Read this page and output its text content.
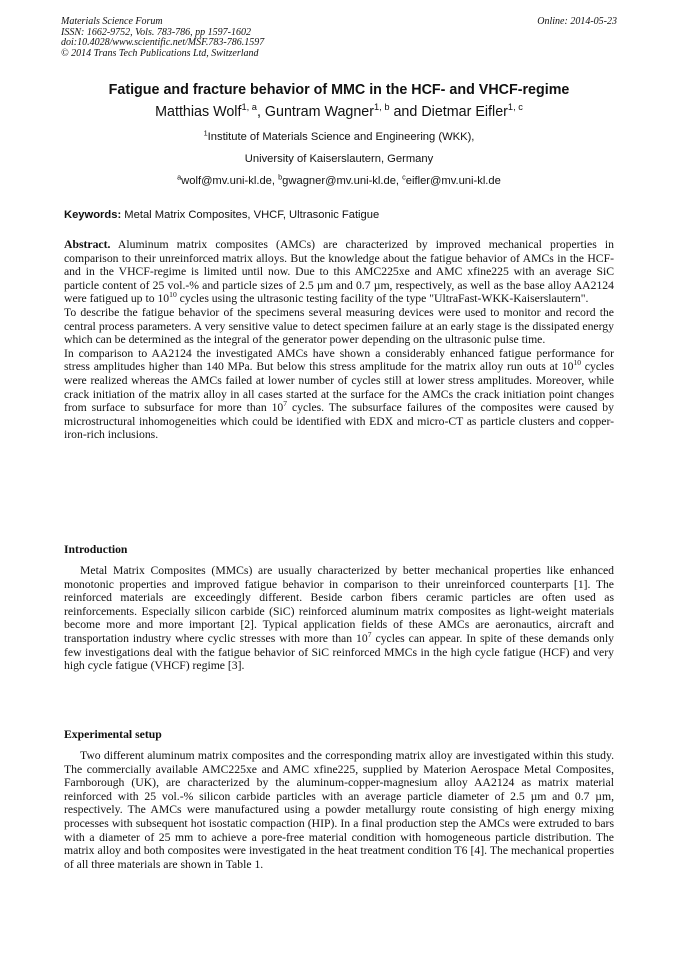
Materials Science Forum
ISSN: 1662-9752, Vols. 783-786, pp 1597-1602
doi:10.4028/www.scientific.net/MSF.783-786.1597
© 2014 Trans Tech Publications Ltd, Switzerland
Online: 2014-05-23
Fatigue and fracture behavior of MMC in the HCF- and VHCF-regime
Matthias Wolf$^{1, a}$, Guntram Wagner$^{1, b}$ and Dietmar Eifler$^{1, c}$
$^1$Institute of Materials Science and Engineering (WKK),
University of Kaiserslautern, Germany
$^a$wolf@mv.uni-kl.de, $^b$gwagner@mv.uni-kl.de, $^c$eifler@mv.uni-kl.de
Keywords: Metal Matrix Composites, VHCF, Ultrasonic Fatigue

Abstract. Aluminum matrix composites (AMCs) are characterized by improved mechanical properties in comparison to their unreinforced matrix alloys. But the knowledge about the fatigue behavior of AMCs in the HCF- and in the VHCF-regime is limited until now. Due to this AMC225xe and AMC xfine225 with an average SiC particle content of 25 vol.-% and particle sizes of 2.5 µm and 0.7 µm, respectively, as well as the base alloy AA2124 were fatigued up to $10^{10}$ cycles using the ultrasonic testing facility of the type "UltraFast-WKK-Kaiserslautern".

To describe the fatigue behavior of the specimens several measuring devices were used to monitor and record the central process parameters. A very sensitive value to detect specimen failure at an early stage is the dissipated energy which can be determined as the integral of the generator power depending on the ultrasonic pulse time.

In comparison to AA2124 the investigated AMCs have shown a considerably enhanced fatigue performance for stress amplitudes higher than 140 MPa. But below this stress amplitude for the matrix alloy run outs at $10^{10}$ cycles were realized whereas the AMCs failed at lower number of cycles still at lower stress amplitudes. Moreover, while crack initiation of the matrix alloy in all cases started at the surface for the AMCs the crack initiation point changes from surface to subsurface for more than $10^7$ cycles. The subsurface failures of the composites were caused by microstructural inhomogeneities which could be identified with EDX and micro-CT as particle clusters and copper-iron-rich inclusions.

Introduction

Metal Matrix Composites (MMCs) are usually characterized by better mechanical properties like enhanced monotonic properties and improved fatigue behavior in comparison to their unreinforced counterparts [1]. The reinforced materials are exceedingly different. Beside carbon fibers ceramic particles are often used as reinforcements. Especially silicon carbide (SiC) reinforced aluminum matrix composites as light-weight materials become more and more important [2]. Typical application fields of these AMCs are aeronautics, aircraft and transportation industry where cyclic stresses with more than $10^7$ cycles can appear. In spite of these demands only few investigations deal with the fatigue behavior of SiC reinforced MMCs in the high cycle fatigue (HCF) and very high cycle fatigue (VHCF) regime [3].

Experimental setup

Two different aluminum matrix composites and the corresponding matrix alloy are investigated within this study. The commercially available AMC225xe and AMC xfine225, supplied by Materion Aerospace Metal Composites, Farnborough (UK), are characterized by the aluminum-copper-magnesium alloy AA2124 as matrix material reinforced with 25 vol.-% silicon carbide particles with an average particle diameter of 2.5 µm and 0.7 µm, respectively. The AMCs were manufactured using a powder metallurgy route consisting of high energy mixing processes with subsequent hot isostatic compaction (HIP). In a final production step the AMCs were extruded to bars with a diameter of 25 mm to achieve a pore-free material condition with homogeneous particle distribution. The matrix alloy and both composites were investigated in the heat treatment condition T6 [4]. The mechanical properties of all three materials are shown in Table 1.
